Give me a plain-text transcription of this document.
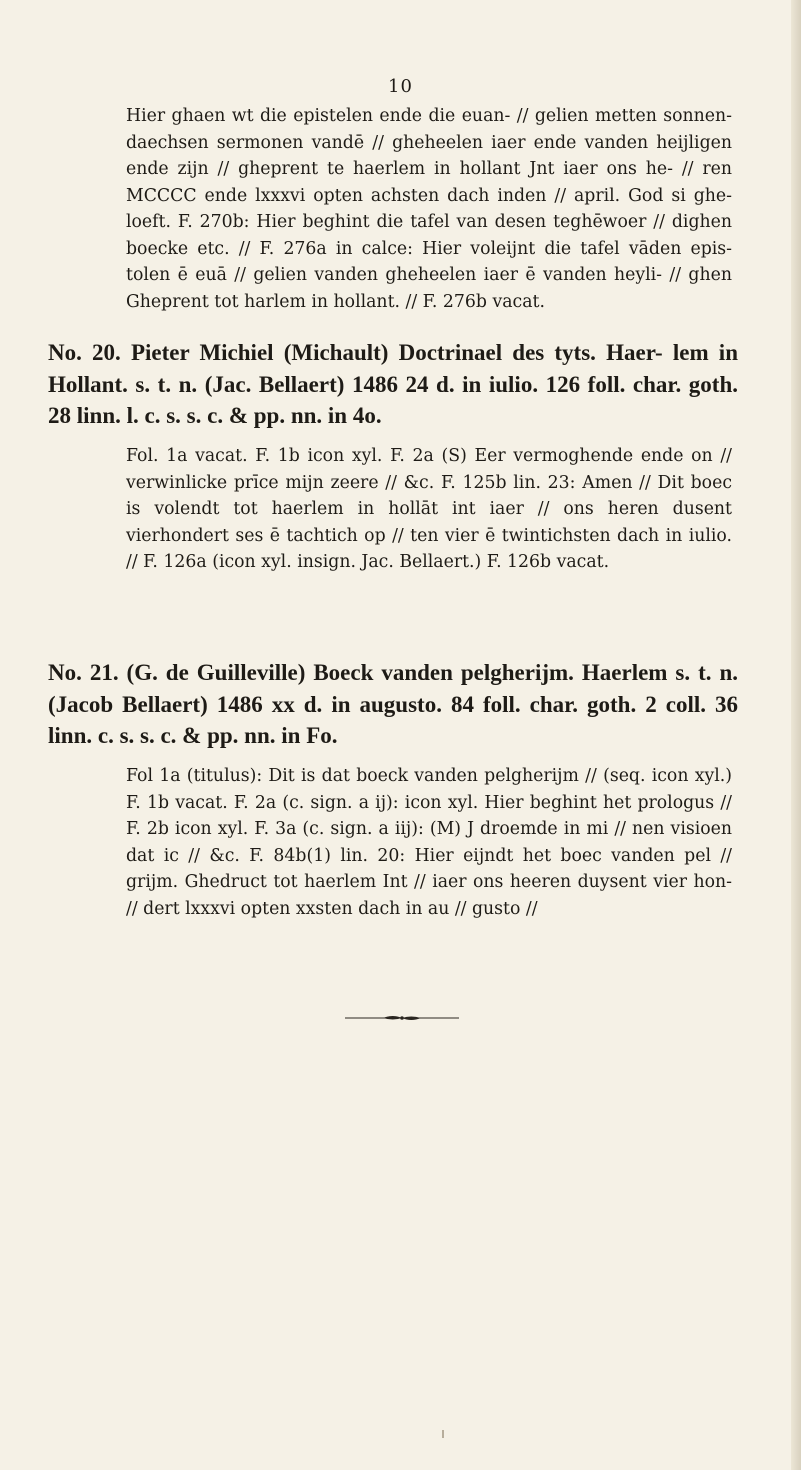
10

Hier ghaen wt die epistelen ende die euan- // gelien metten sonnen- daechsen sermonen vandē // gheheelen iaer ende vanden heijligen ende zijn // gheprent te haerlem in hollant Jnt iaer ons he- // ren MCCCC ende lxxxvi opten achsten dach inden // april. God si ghe- loeft. F. 270b: Hier beghint die tafel van desen teghēwoer // dighen boecke etc. // F. 276a in calce: Hier voleijnt die tafel vāden epis- tolen ē euā // gelien vanden gheheelen iaer ē vanden heyli- // ghen Gheprent tot harlem in hollant. // F. 276b vacat.

No. 20. Pieter Michiel (Michault) Doctrinael des tyts. Haer- lem in Hollant. s. t. n. (Jac. Bellaert) 1486 24 d. in iulio. 126 foll. char. goth. 28 linn. l. c. s. s. c. & pp. nn. in 4o.

Fol. 1a vacat. F. 1b icon xyl. F. 2a (S) Eer vermoghende ende on // verwinlicke prīce mijn zeere // &c. F. 125b lin. 23: Amen // Dit boec is volendt tot haerlem in hollāt int iaer // ons heren dusent vierhondert ses ē tachtich op // ten vier ē twintichsten dach in iulio. // F. 126a (icon xyl. insign. Jac. Bellaert.) F. 126b vacat.

No. 21. (G. de Guilleville) Boeck vanden pelgherijm. Haerlem s. t. n. (Jacob Bellaert) 1486 xx d. in augusto. 84 foll. char. goth. 2 coll. 36 linn. c. s. s. c. & pp. nn. in Fo.

Fol 1a (titulus): Dit is dat boeck vanden pelgherijm // (seq. icon xyl.) F. 1b vacat. F. 2a (c. sign. a ij): icon xyl. Hier beghint het prologus // F. 2b icon xyl. F. 3a (c. sign. a iij): (M) J droemde in mi // nen visioen dat ic // &c. F. 84b(1) lin. 20: Hier eijndt het boec vanden pel // grijm. Ghedruct tot haerlem Int // iaer ons heeren duysent vier hon- // dert lxxxvi opten xxsten dach in au // gusto //
